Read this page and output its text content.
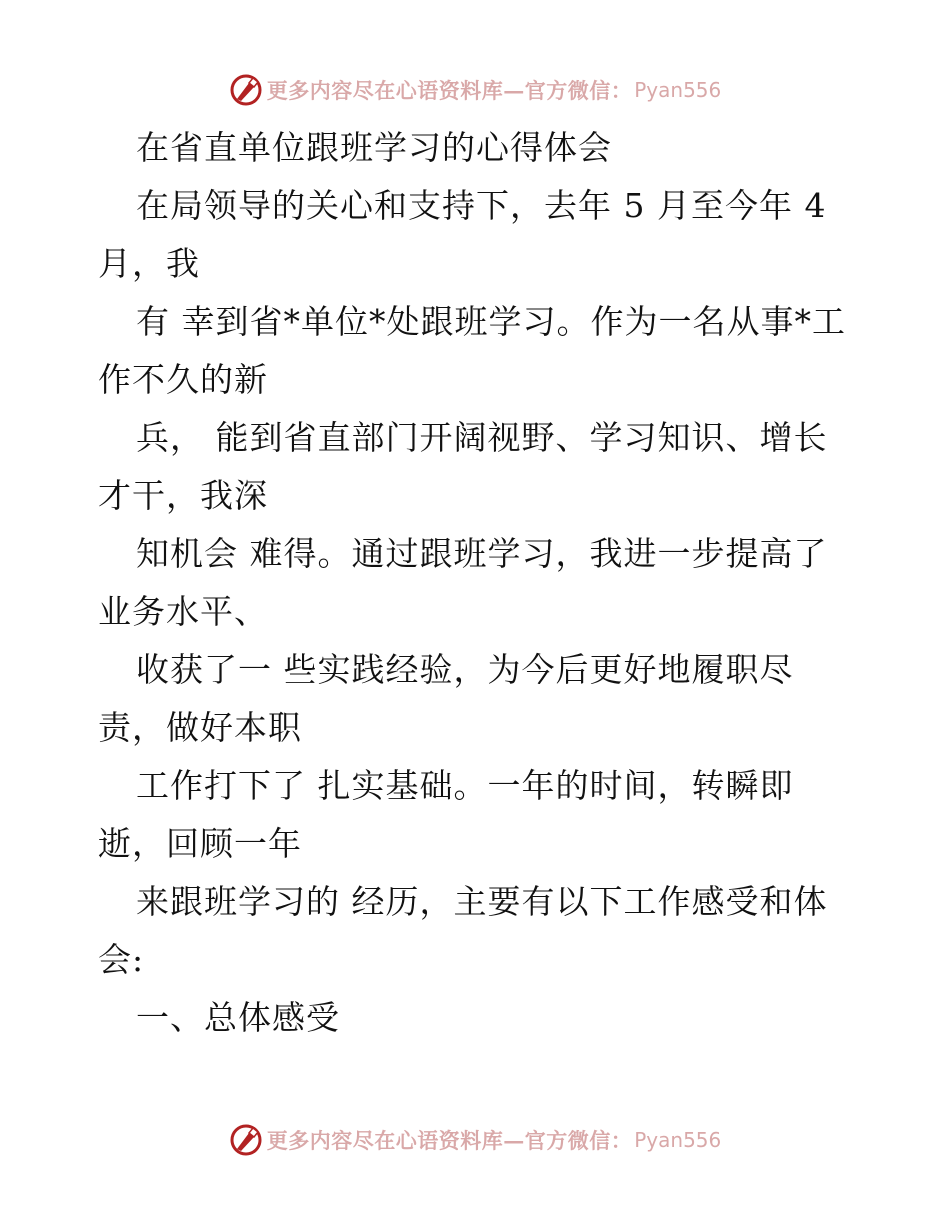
更多内容尽在心语资料库—官方微信： Pyan556
在省直单位跟班学习的心得体会
在局领导的关心和支持下，去年 5 月至今年 4
月，我
有 幸到省*单位*处跟班学习。作为一名从事*工
作不久的新
兵， 能到省直部门开阔视野、学习知识、增长
才干，我深
知机会 难得。通过跟班学习，我进一步提高了
业务水平、
收获了一 些实践经验，为今后更好地履职尽
责，做好本职
工作打下了 扎实基础。一年的时间，转瞬即
逝，回顾一年
来跟班学习的 经历，主要有以下工作感受和体
会:
一、总体感受
更多内容尽在心语资料库—官方微信： Pyan556
